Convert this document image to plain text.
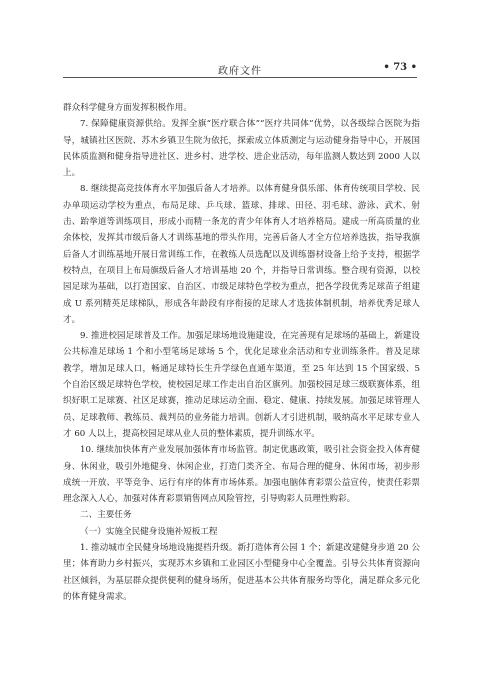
政府文件	• 73 •

群众科学健身方面发挥积极作用。

7. 保障健康资源供给。发挥全旗“医疗联合体”“医疗共同体”优势，以各级综合医院为指导，城镇社区医院、苏木乡镇卫生院为依托，探索成立体质测定与运动健身指导中心，开展国民体质监测和健身指导进社区、进乡村、进学校、进企业活动，每年监测人数达到 2000 人以上。

8. 继续提高竞技体育水平加强后备人才培养。以体育健身俱乐部、体育传统项目学校、民办单项运动学校为重点，布局足球、乒乓球、篮球、排球、田径、羽毛球、游泳、武术、射击、跆拳道等训练项目，形成小而精一条龙的青少年体育人才培养格局。建成一所高质量的业余体校，发挥其市级后备人才训练基地的带头作用，完善后备人才全方位培养选拔，指导我旗后备人才训练基地开展日常训练工作，在教练人员选配以及训练器材设备上给予支持，根据学校特点，在项目上布局旗级后备人才培训基地 20 个，并指导日常训练。整合现有资源，以校园足球为基础，以打造国家、自治区、市级足球特色学校为重点，把各学段优秀足球苗子组建成 U 系列精英足球梯队，形成各年龄段有序衔接的足球人才选拔体制机制，培养优秀足球人才。

9. 推进校园足球普及工作。加强足球场地设施建设，在完善现有足球场的基础上，新建设公共标准足球场 1 个和小型笔场足球场 5 个，优化足球业余活动和专业训练条件。普及足球教学，增加足球人口，畅通足球特长生升学绿色直通车渠道，至 25 年达到 15 个国家级、5 个自治区级足球特色学校，使校园足球工作走出自治区旗列。加强校园足球三级联赛体系，组织好职工足球赛、社区足球赛，推动足球运动全面、稳定、健康、持续发展。加强足球管理人员、足球教师、教练员、裁判员的业务能力培训。创新人才引进机制，吸纳高水平足球专业人才 60 人以上，提高校园足球从业人员的整体素质，提升训练水平。

10. 继续加快体育产业发展加强体育市场监管。制定优惠政策，吸引社会资金投入体育健身、休闲业，吸引外地健身、休闲企业，打造门类齐全、布局合理的健身、休闲市场，初步形成统一开放、平等竞争、运行有序的体育市场体系。加强电脑体育彩票公益宣传，使责任彩票理念深入人心，加强对体育彩票销售网点风险管控，引导购彩人员理性购彩。

二、主要任务

（一）实施全民健身设施补短板工程

1. 推动城市全民健身场地设施提档升级。新打造体育公园 1 个；新建改建健身步道 20 公里；体育助力乡村振兴，实现苏木乡镇和工业园区小型健身中心全覆盖。引导公共体育资源向社区倾斜，为基层群众提供便利的健身场所，促进基本公共体育服务均等化，满足群众多元化的体育健身需求。
